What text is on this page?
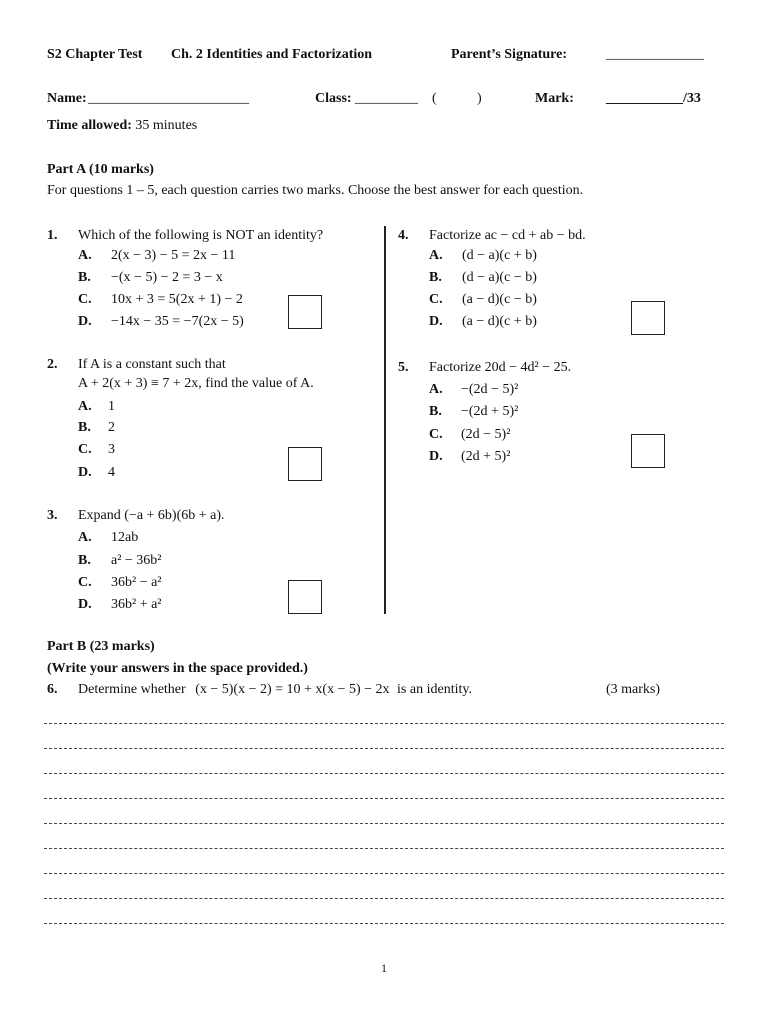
S2 Chapter Test Ch. 2 Identities and Factorization	Parent’s Signature:	______________
Name: _______________________	Class: _________ (	)	Mark: ___________/33
Time allowed: 35 minutes
Part A (10 marks)
For questions 1 – 5, each question carries two marks. Choose the best answer for each question.
1. Which of the following is NOT an identity?
A. 2(x − 3) − 5 = 2x − 11
B. −(x − 5) − 2 = 3 − x
C. 10x + 3 = 5(2x + 1) − 2
D. −14x − 35 = −7(2x − 5)
2. If A is a constant such that
A + 2(x + 3) ≡ 7 + 2x, find the value of A.
A. 1
B. 2
C. 3
D. 4
3. Expand (−a + 6b)(6b + a).
A. 12ab
B. a² − 36b²
C. 36b² − a²
D. 36b² + a²
4. Factorize ac − cd + ab − bd.
A. (d − a)(c + b)
B. (d − a)(c − b)
C. (a − d)(c − b)
D. (a − d)(c + b)
5. Factorize 20d − 4d² − 25.
A. −(2d − 5)²
B. −(2d + 5)²
C. (2d − 5)²
D. (2d + 5)²
Part B (23 marks)
(Write your answers in the space provided.)
6. Determine whether (x − 5)(x − 2) = 10 + x(x − 5) − 2x is an identity.	(3 marks)
1
